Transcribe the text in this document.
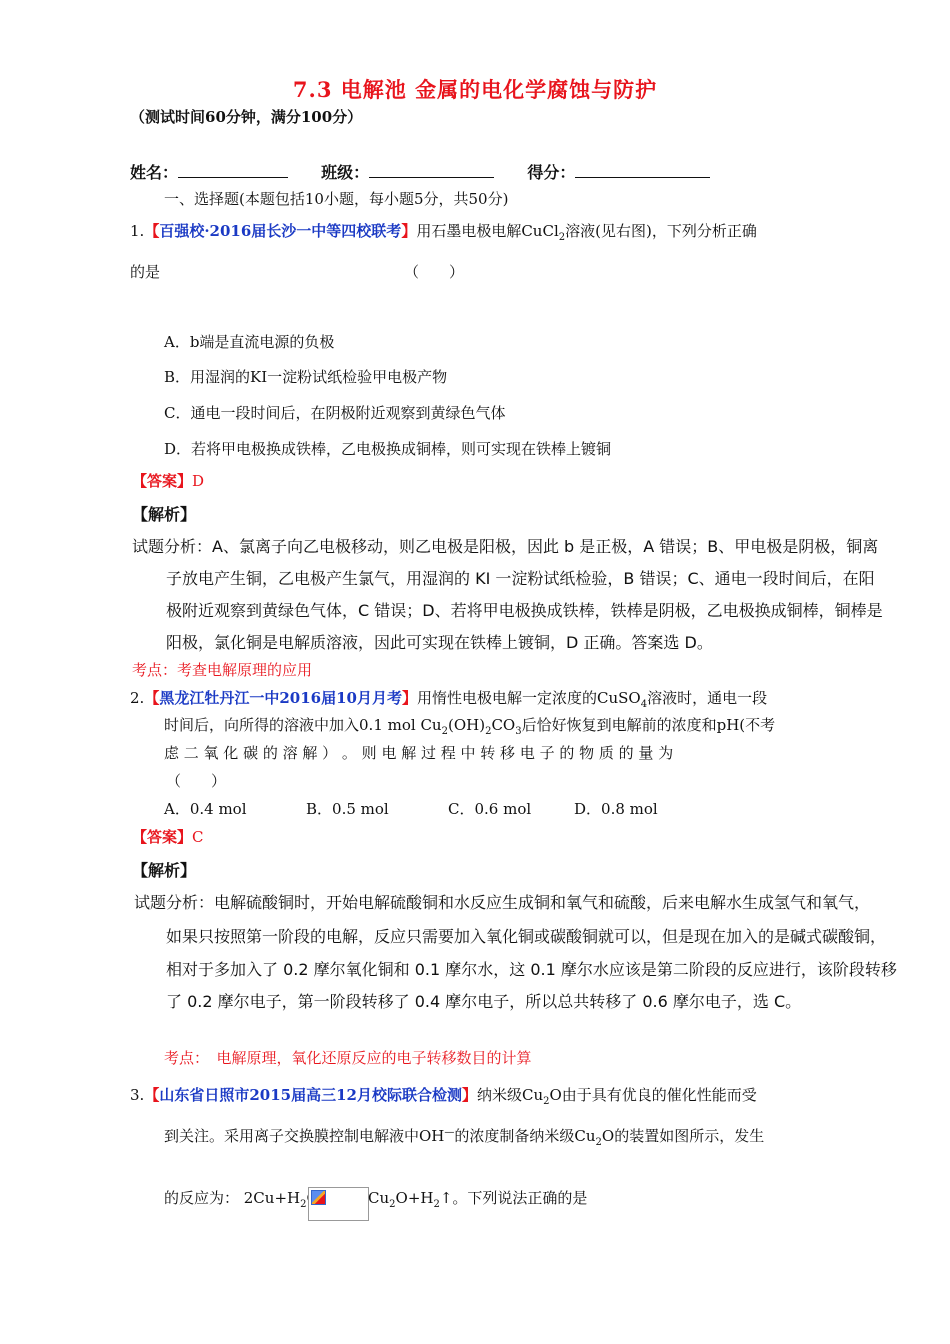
7.3 电解池 金属的电化学腐蚀与防护
（测试时间60分钟，满分100分）
姓名：	班级：	得分：
一、选择题(本题包括10小题，每小题5分，共50分)
1.【百强校·2016届长沙一中等四校联考】用石墨电极电解CuCl$_2$溶液(见右图)，下列分析正确
的是	（　　）
A．b端是直流电源的负极
B．用湿润的KI一淀粉试纸检验甲电极产物
C．通电一段时间后，在阴极附近观察到黄绿色气体
D．若将甲电极换成铁棒，乙电极换成铜棒，则可实现在铁棒上镀铜
【答案】D
【解析】
试题分析：A、氯离子向乙电极移动，则乙电极是阳极，因此 b 是正极，A 错误；B、甲电极是阴极，铜离
子放电产生铜，乙电极产生氯气，用湿润的 KI 一淀粉试纸检验，B 错误；C、通电一段时间后，在阳
极附近观察到黄绿色气体，C 错误；D、若将甲电极换成铁棒，铁棒是阴极，乙电极换成铜棒，铜棒是
阳极，氯化铜是电解质溶液，因此可实现在铁棒上镀铜，D 正确。答案选 D。
考点：考查电解原理的应用
2.【黑龙江牡丹江一中2016届10月月考】用惰性电极电解一定浓度的CuSO$_4$溶液时，通电一段
时间后，向所得的溶液中加入0.1 mol $Cu_2(OH)_2CO_3$后恰好恢复到电解前的浓度和pH(不考
虑 二 氧 化 碳 的 溶 解 ） 。 则 电 解 过 程 中 转 移 电 子 的 物 质 的 量 为
（　　）
A．0.4 mol	B．0.5 mol	C．0.6 mol	D．0.8 mol
【答案】C
【解析】
试题分析：电解硫酸铜时，开始电解硫酸铜和水反应生成铜和氧气和硫酸，后来电解水生成氢气和氧气，
如果只按照第一阶段的电解，反应只需要加入氧化铜或碳酸铜就可以，但是现在加入的是碱式碳酸铜，
相对于多加入了 0.2 摩尔氧化铜和 0.1 摩尔水，这 0.1 摩尔水应该是第二阶段的反应进行，该阶段转移
了 0.2 摩尔电子，第一阶段转移了 0.4 摩尔电子，所以总共转移了 0.6 摩尔电子，选 C。
考点：　电解原理，氧化还原反应的电子转移数目的计算
3.【山东省日照市2015届高三12月校际联合检测】纳米级$Cu_2O$由于具有优良的催化性能而受
到关注。采用离子交换膜控制电解液中OH—的浓度制备纳米级$Cu_2O$的装置如图所示，发生
的反应为： $2Cu+H_2$	$Cu_2O+H_2↑$。下列说法正确的是
